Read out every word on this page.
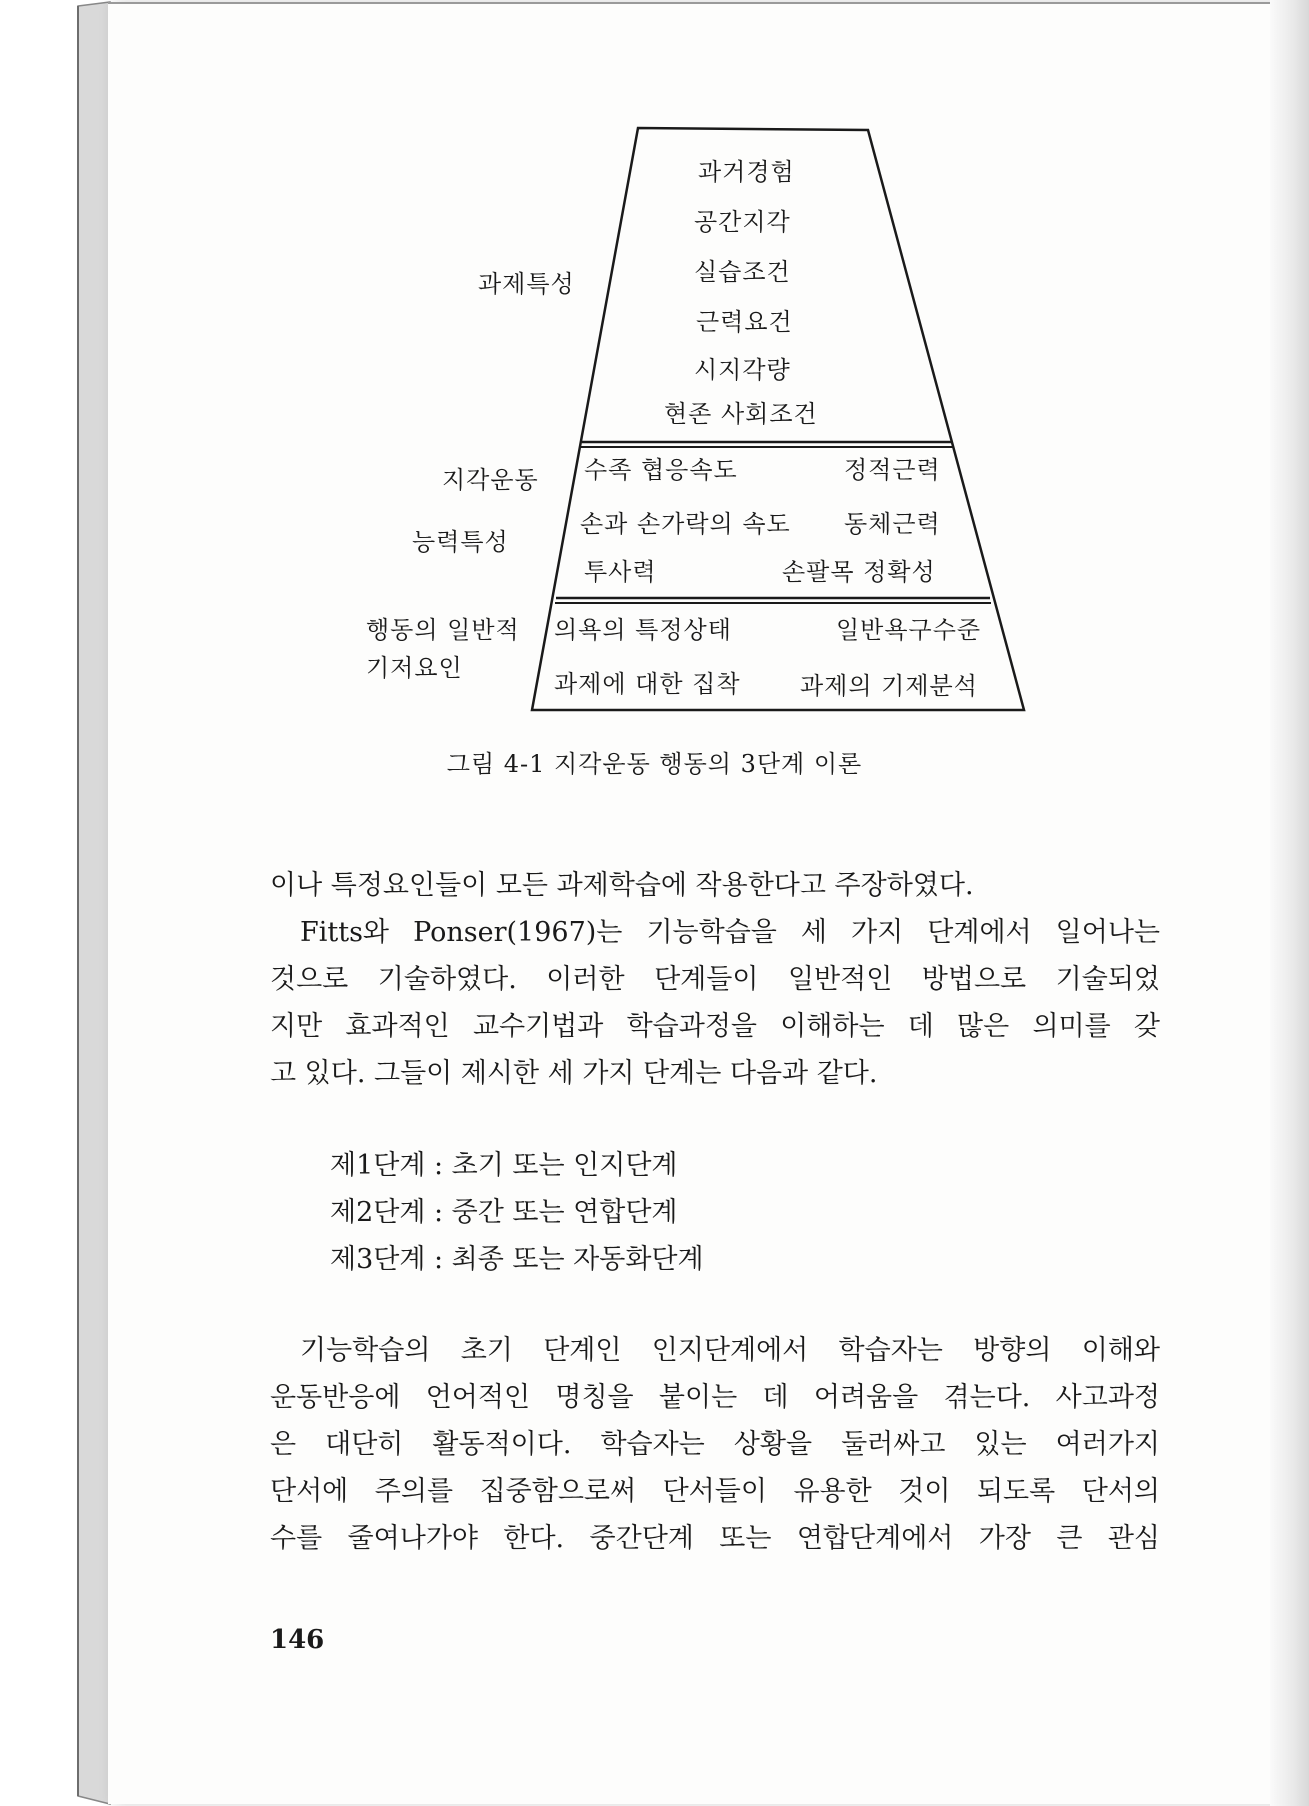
과제특성
지각운동
능력특성
행동의 일반적
기저요인
과거경험
공간지각
실습조건
근력요건
시지각량
현존 사회조건
수족 협응속도
손과 손가락의 속도
투사력
정적근력
동체근력
손팔목 정확성
의욕의 특정상태
과제에 대한 집착
일반욕구수준
과제의 기제분석
그림 4-1 지각운동 행동의 3단계 이론
이나 특정요인들이 모든 과제학습에 작용한다고 주장하였다.
Fitts와 Ponser(1967)는 기능학습을 세 가지 단계에서 일어나는
것으로 기술하였다. 이러한 단계들이 일반적인 방법으로 기술되었
지만 효과적인 교수기법과 학습과정을 이해하는 데 많은 의미를 갖
고 있다. 그들이 제시한 세 가지 단계는 다음과 같다.
기능학습의 초기 단계인 인지단계에서 학습자는 방향의 이해와
운동반응에 언어적인 명칭을 붙이는 데 어려움을 겪는다. 사고과정
은 대단히 활동적이다. 학습자는 상황을 둘러싸고 있는 여러가지
단서에 주의를 집중함으로써 단서들이 유용한 것이 되도록 단서의
수를 줄여나가야 한다. 중간단계 또는 연합단계에서 가장 큰 관심
제1단계 : 초기 또는 인지단계
제2단계 : 중간 또는 연합단계
제3단계 : 최종 또는 자동화단계
146
